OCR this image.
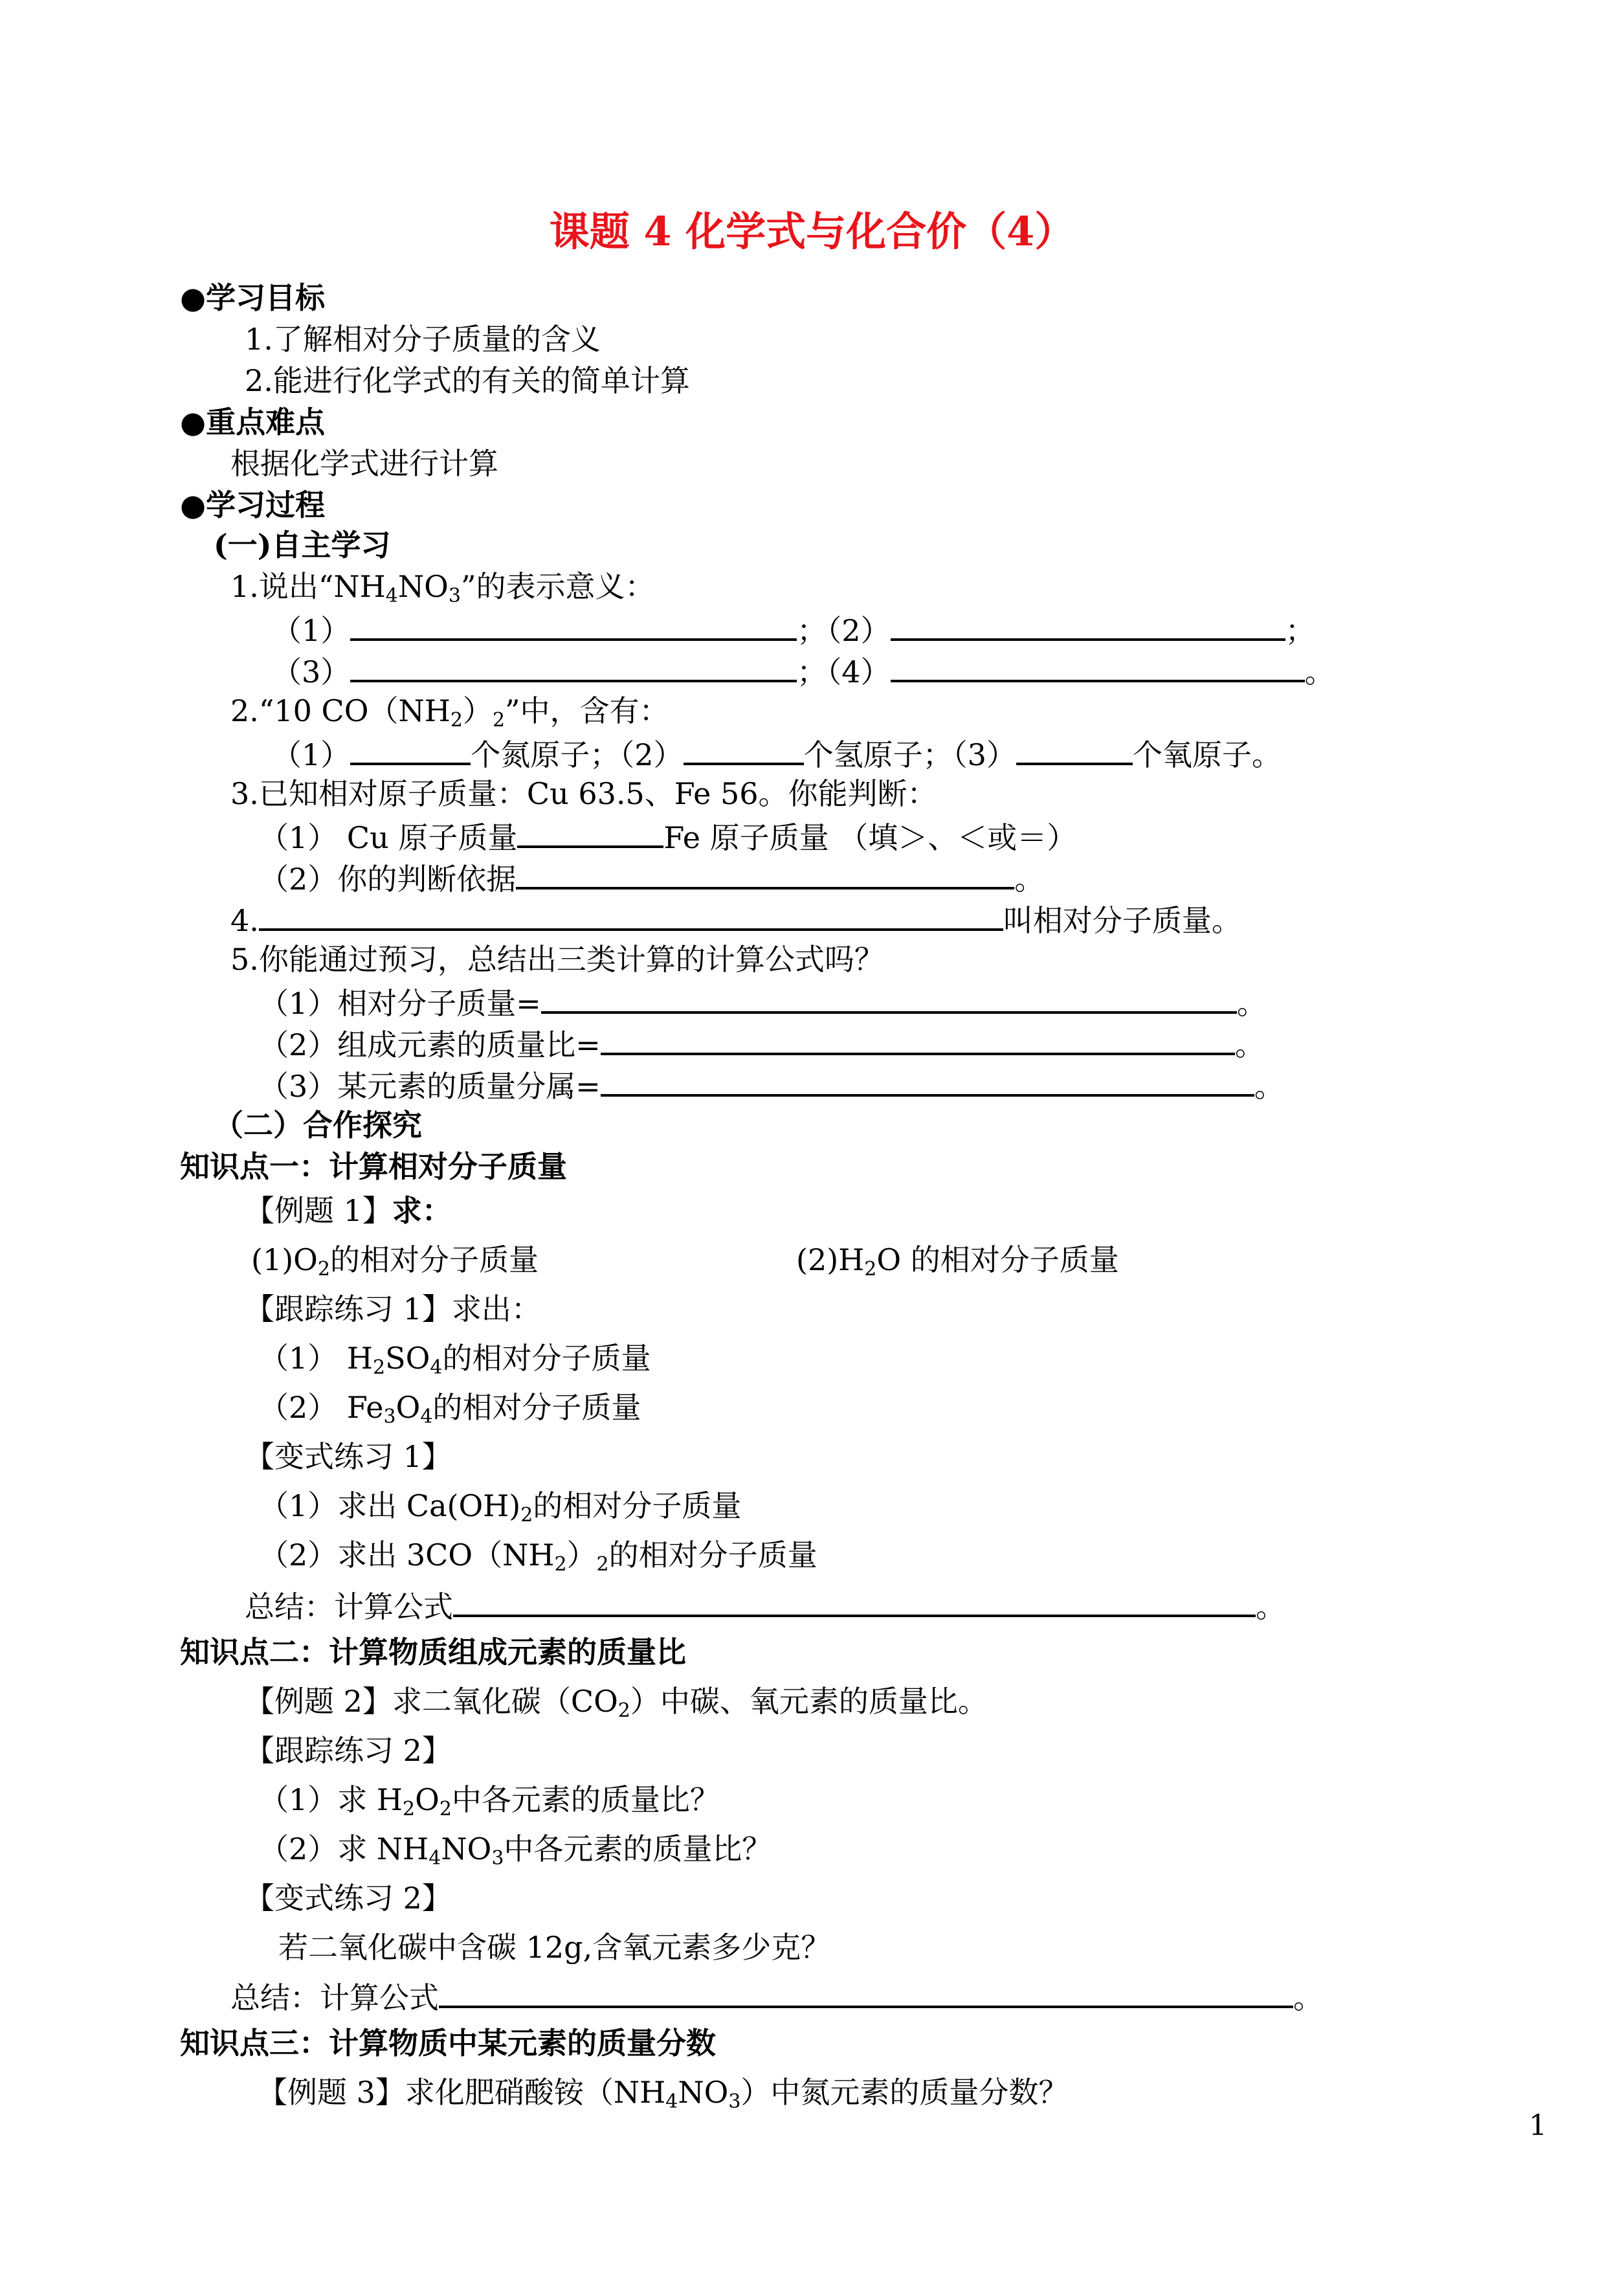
课题 4 化学式与化合价（4）
●学习目标
1.了解相对分子质量的含义
2.能进行化学式的有关的简单计算
●重点难点
根据化学式进行计算
●学习过程
(一)自主学习
1.说出“$NH_4NO_3$”的表示意义：
（1）	；（2）	；
（3）	；（4）	。
2.“10 $CO(NH_2)_2$”中，含有：
（1）	个氮原子；（2）	个氢原子；（3）	个氧原子。
3.已知相对原子质量：Cu 63.5、Fe 56。你能判断：
（1） Cu 原子质量	Fe 原子质量 （填＞、＜或＝）
（2）你的判断依据	。
4.	叫相对分子质量。
5.你能通过预习，总结出三类计算的计算公式吗？
（1）相对分子质量=	。
（2）组成元素的质量比=	。
（3）某元素的质量分属=	。
（二）合作探究
知识点一：计算相对分子质量
【例题 1】求：
$(1)O_2$的相对分子质量	$(2)H_2O$ 的相对分子质量
【跟踪练习 1】求出：
（1） $H_2SO_4$的相对分子质量
（2） $Fe_3O_4$的相对分子质量
【变式练习 1】
（1）求出 $Ca(OH)_2$的相对分子质量
（2）求出 $3CO(NH_2)_2$的相对分子质量
总结：计算公式	。
知识点二：计算物质组成元素的质量比
【例题 2】求二氧化碳$(CO_2)$中碳、氧元素的质量比。
【跟踪练习 2】
（1）求 $H_2O_2$中各元素的质量比？
（2）求 $NH_4NO_3$中各元素的质量比？
【变式练习 2】
若二氧化碳中含碳 12g,含氧元素多少克？
总结：计算公式	。
知识点三：计算物质中某元素的质量分数
【例题 3】求化肥硝酸铵$(NH_4NO_3)$中氮元素的质量分数？
1
